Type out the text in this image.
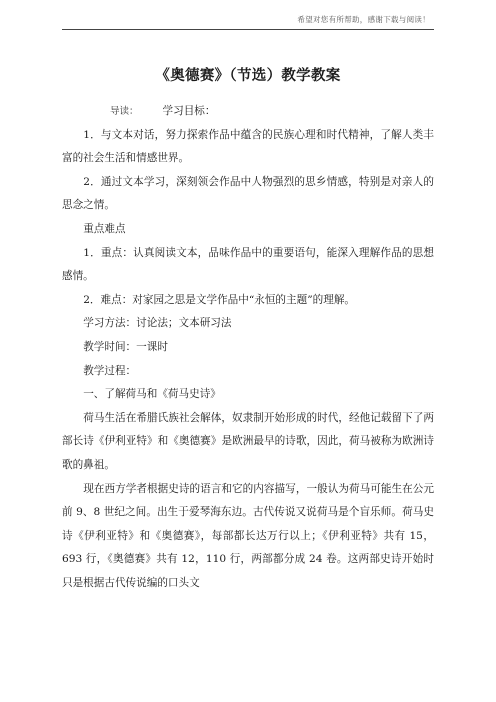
希望对您有所帮助，感谢下载与阅读！
《奥德赛》（节选）教学教案

导读： 学习目标：

1．与文本对话，努力探索作品中蕴含的民族心理和时代精神，了解人类丰富的社会生活和情感世界。

2．通过文本学习，深刻领会作品中人物强烈的思乡情感，特别是对亲人的思念之情。

重点难点

1．重点：认真阅读文本，品味作品中的重要语句，能深入理解作品的思想感情。

2．难点：对家园之思是文学作品中“永恒的主题”的理解。

学习方法：讨论法；文本研习法

教学时间：一课时

教学过程：

一、了解荷马和《荷马史诗》

荷马生活在希腊氏族社会解体，奴隶制开始形成的时代，经他记载留下了两部长诗《伊利亚特》和《奥德赛》是欧洲最早的诗歌，因此，荷马被称为欧洲诗歌的鼻祖。

现在西方学者根据史诗的语言和它的内容描写，一般认为荷马可能生在公元前 9、8 世纪之间。出生于爱琴海东边。古代传说又说荷马是个盲乐师。荷马史诗《伊利亚特》和《奥德赛》，每部都长达万行以上；《伊利亚特》共有 15，693 行，《奥德赛》共有 12，110 行，两部都分成 24 卷。这两部史诗开始时只是根据古代传说编的口头文
